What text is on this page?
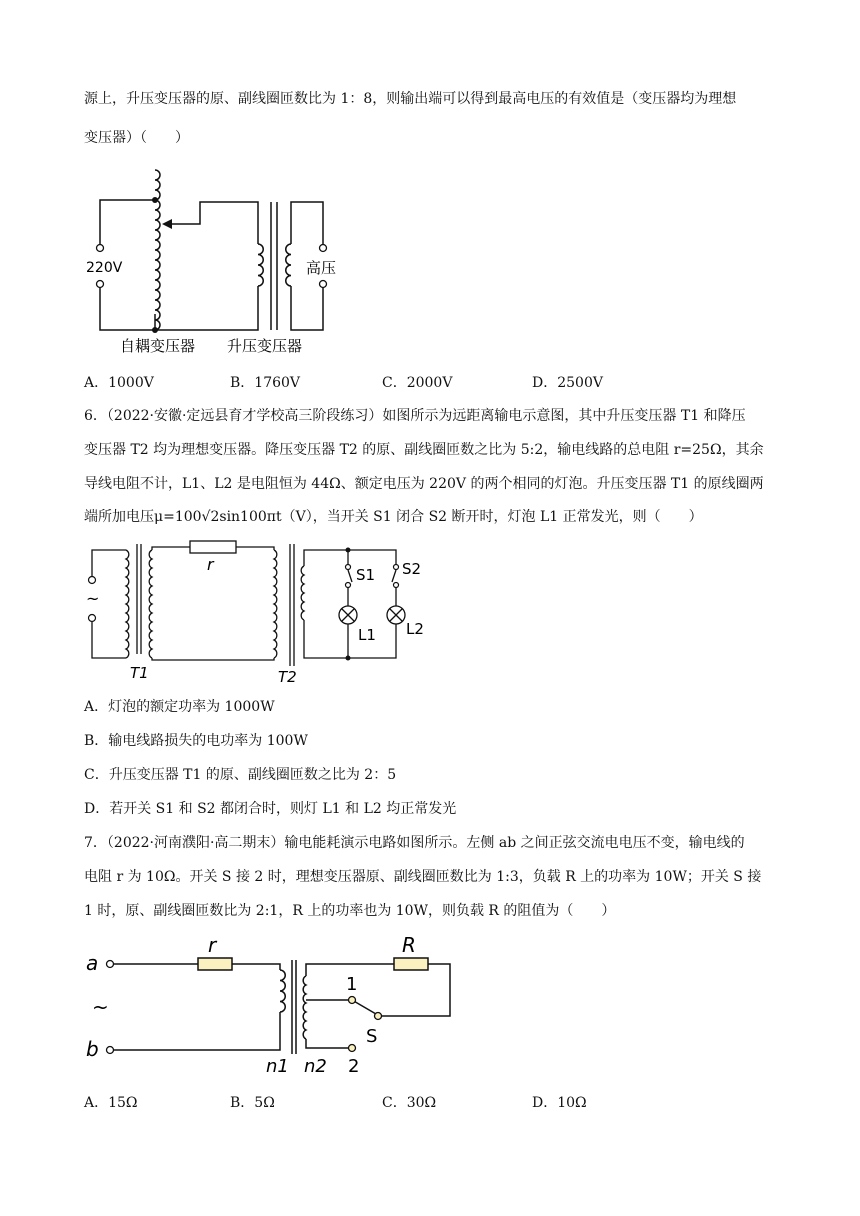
源上，升压变压器的原、副线圈匝数比为 1：8，则输出端可以得到最高电压的有效值是（变压器均为理想
变压器）（　　）
220V	高压
自耦变压器 升压变压器
A．1000V	B．1760V	C．2000V	D．2500V
6．（2022·安徽·定远县育才学校高三阶段练习）如图所示为远距离输电示意图，其中升压变压器 T1 和降压
变压器 T2 均为理想变压器。降压变压器 T2 的原、副线圈匝数之比为 5:2，输电线路的总电阻 r=25Ω，其余
导线电阻不计，L1、L2 是电阻恒为 44Ω、额定电压为 220V 的两个相同的灯泡。升压变压器 T1 的原线圈两
端所加电压μ=100√2sin100πt（V），当开关 S1 闭合 S2 断开时，灯泡 L1 正常发光，则（　　）
~
r
S1 S2
L1 L2
T1	T2
A．灯泡的额定功率为 1000W
B．输电线路损失的电功率为 100W
C．升压变压器 T1 的原、副线圈匝数之比为 2：5
D．若开关 S1 和 S2 都闭合时，则灯 L1 和 L2 均正常发光
7．（2022·河南濮阳·高二期末）输电能耗演示电路如图所示。左侧 ab 之间正弦交流电电压不变，输电线的
电阻 r 为 10Ω。开关 S 接 2 时，理想变压器原、副线圈匝数比为 1:3，负载 R 上的功率为 10W；开关 S 接
1 时，原、副线圈匝数比为 2:1，R 上的功率也为 10W，则负载 R 的阻值为（　　）
a
b
~
r	R
1
2
S
n1 n2
A．15Ω	B．5Ω	C．30Ω	D．10Ω
